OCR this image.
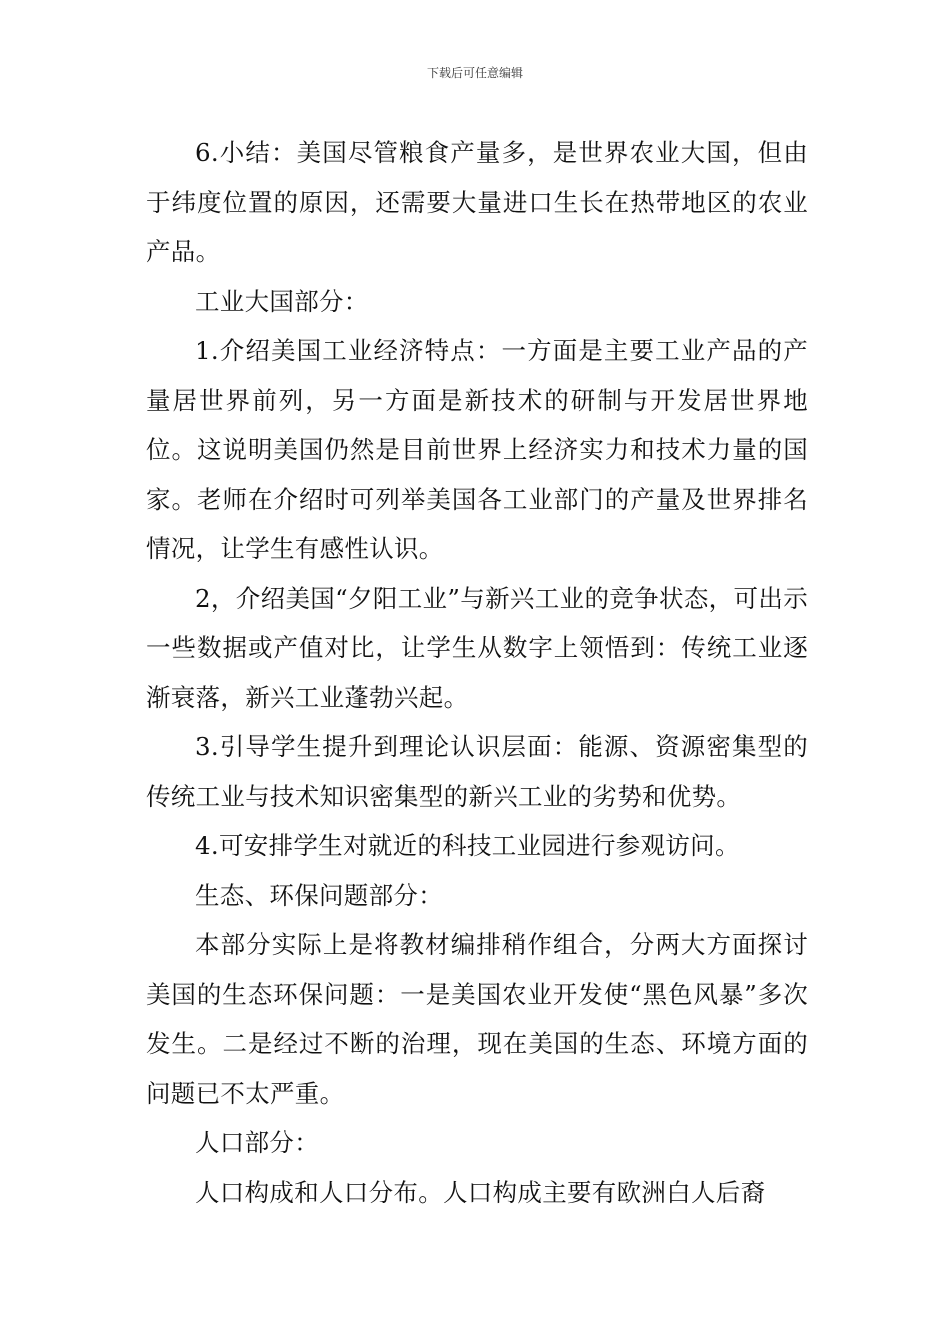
下载后可任意编辑

6.小结：美国尽管粮食产量多，是世界农业大国，但由于纬度位置的原因，还需要大量进口生长在热带地区的农业产品。

工业大国部分：

1.介绍美国工业经济特点：一方面是主要工业产品的产量居世界前列，另一方面是新技术的研制与开发居世界地位。这说明美国仍然是目前世界上经济实力和技术力量的国家。老师在介绍时可列举美国各工业部门的产量及世界排名情况，让学生有感性认识。

2，介绍美国“夕阳工业”与新兴工业的竞争状态，可出示一些数据或产值对比，让学生从数字上领悟到：传统工业逐渐衰落，新兴工业蓬勃兴起。

3.引导学生提升到理论认识层面：能源、资源密集型的传统工业与技术知识密集型的新兴工业的劣势和优势。

4.可安排学生对就近的科技工业园进行参观访问。

生态、环保问题部分：

本部分实际上是将教材编排稍作组合，分两大方面探讨美国的生态环保问题：一是美国农业开发使“黑色风暴”多次发生。二是经过不断的治理，现在美国的生态、环境方面的问题已不太严重。

人口部分：

人口构成和人口分布。人口构成主要有欧洲白人后裔
